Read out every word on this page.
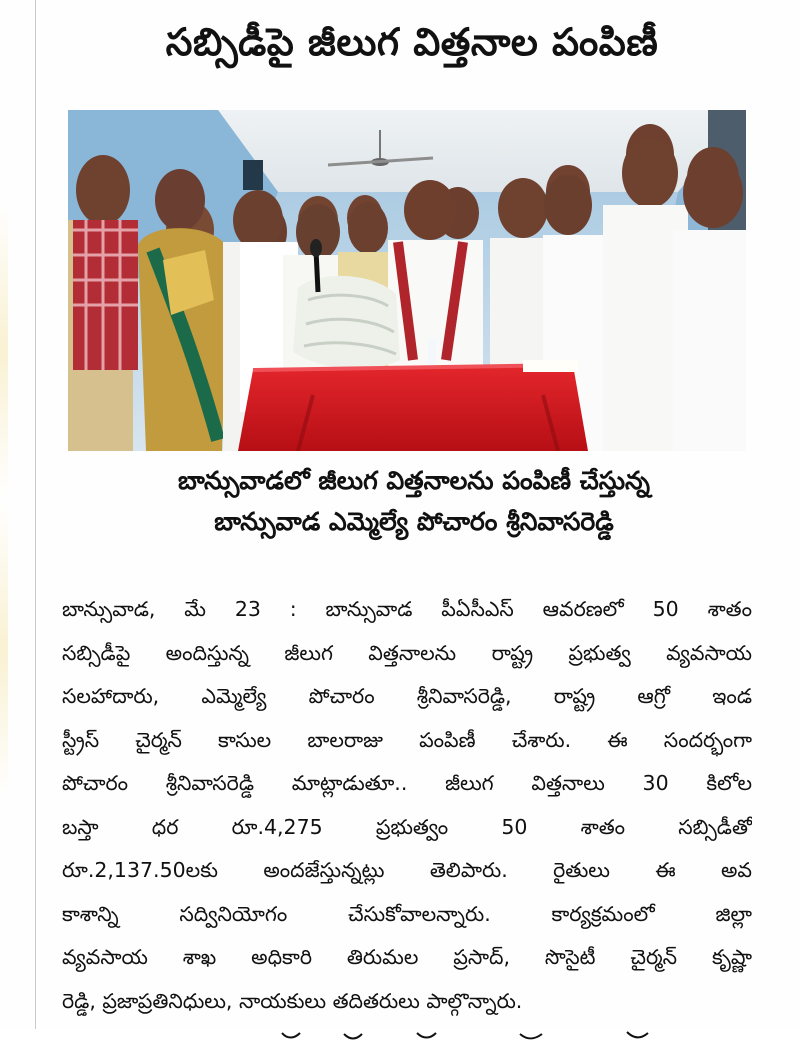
సబ్సిడీపై జీలుగ విత్తనాల పంపిణీ
బాన్సువాడలో జీలుగ విత్తనాలను పంపిణీ చేస్తున్న
బాన్సువాడ ఎమ్మెల్యే పోచారం శ్రీనివాసరెడ్డి
బాన్సువాడ, మే 23 : బాన్సువాడ పీఏసీఎస్ ఆవరణలో 50 శాతం
సబ్సిడీపై అందిస్తున్న జీలుగ విత్తనాలను రాష్ట్ర ప్రభుత్వ వ్యవసాయ
సలహాదారు, ఎమ్మెల్యే పోచారం శ్రీనివాసరెడ్డి, రాష్ట్ర ఆగ్రో ఇండ
స్ట్రీస్ చైర్మన్ కాసుల బాలరాజు పంపిణీ చేశారు. ఈ సందర్భంగా
పోచారం శ్రీనివాసరెడ్డి మాట్లాడుతూ.. జీలుగ విత్తనాలు 30 కిలోల
బస్తా ధర రూ.4,275 ప్రభుత్వం 50 శాతం సబ్సిడీతో
రూ.2,137.50లకు అందజేస్తున్నట్లు తెలిపారు. రైతులు ఈ అవ
కాశాన్ని సద్వినియోగం చేసుకోవాలన్నారు. కార్యక్రమంలో జిల్లా
వ్యవసాయ శాఖ అధికారి తిరుమల ప్రసాద్, సొసైటీ చైర్మన్ కృష్ణా
రెడ్డి, ప్రజాప్రతినిధులు, నాయకులు తదితరులు పాల్గొన్నారు.
